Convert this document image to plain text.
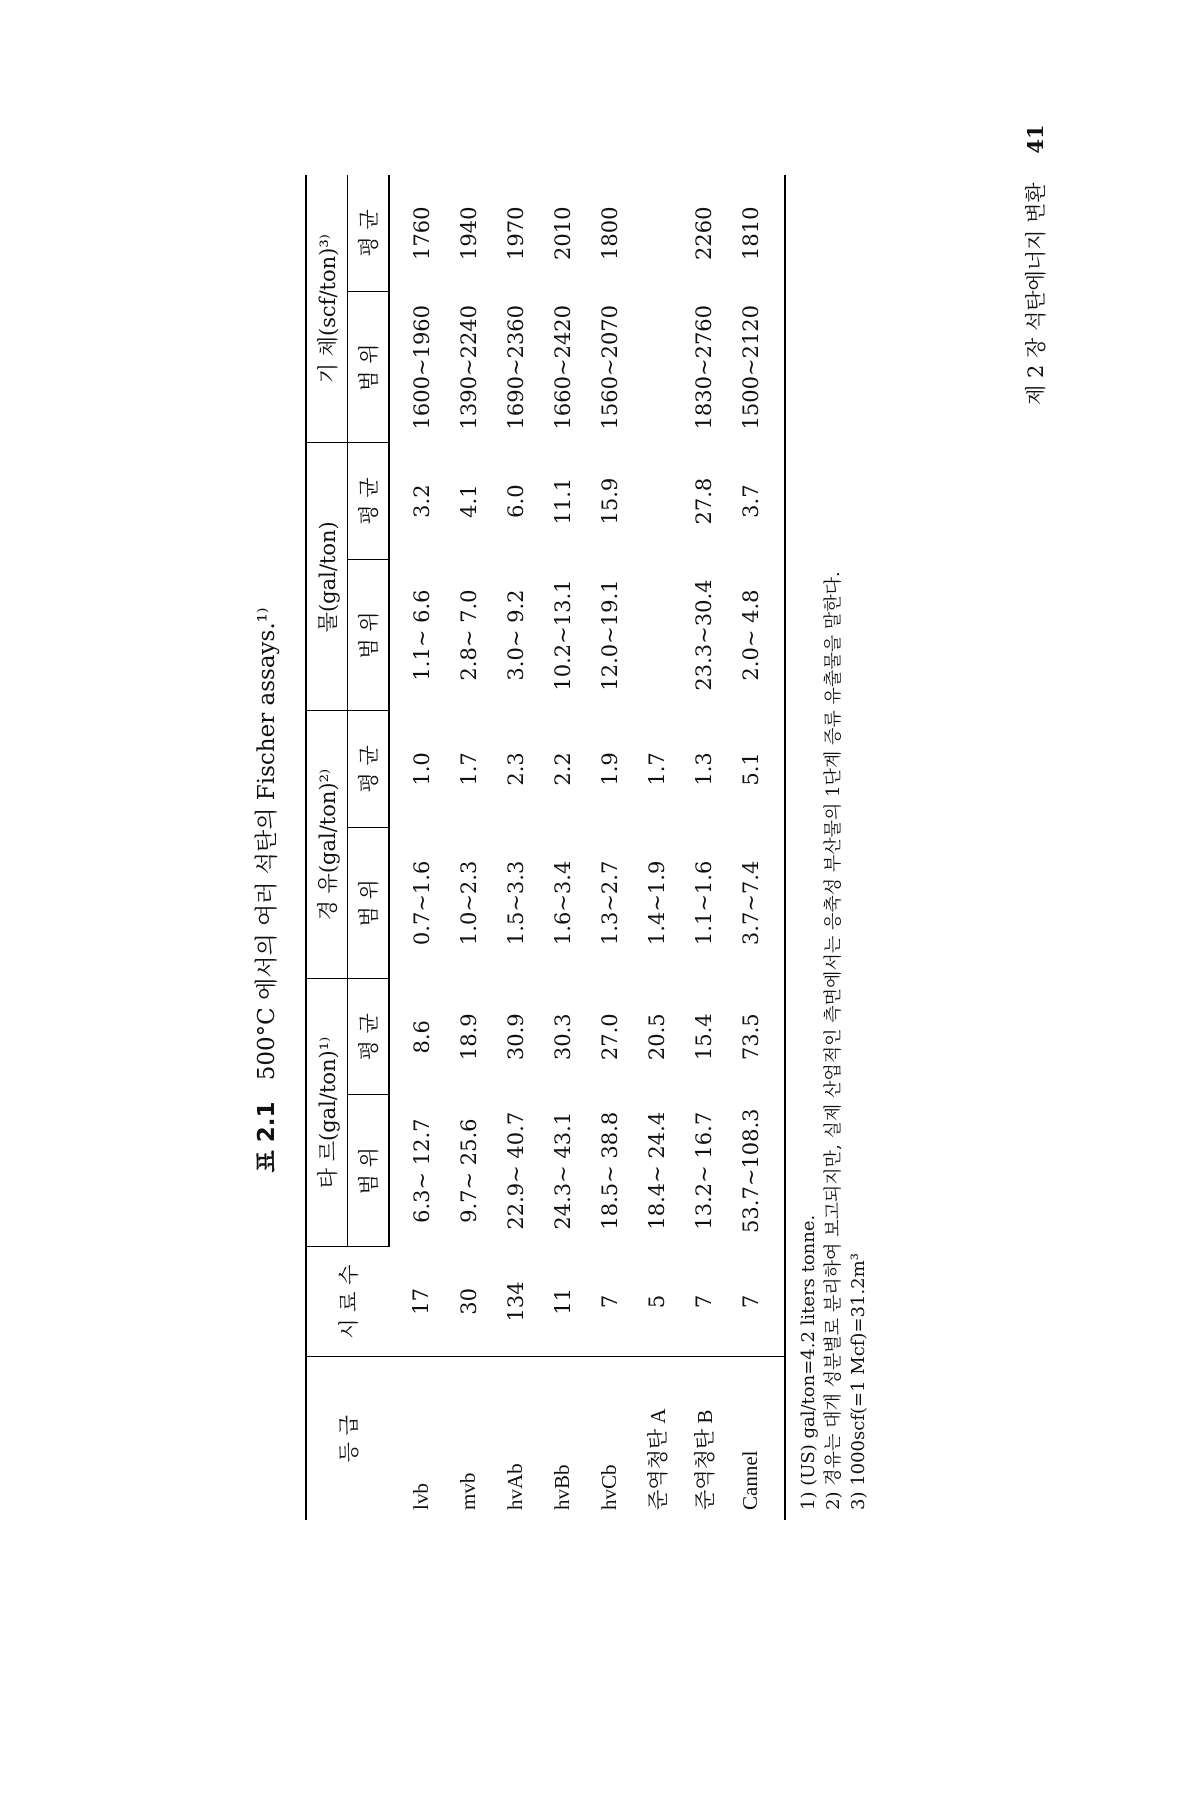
표 2.1 500°C 에서의 여러 석탄의 Fischer assays.¹⁾
등 급	시 료 수	타 르(gal/ton)¹⁾		경 유(gal/ton)²⁾		물(gal/ton)		기 체(scf/ton)³⁾	
		범 위	평 균	범 위	평 균	범 위	평 균	범 위	평 균
lvb	17	6.3~ 12.7	8.6	0.7~1.6	1.0	1.1~ 6.6	3.2	1600~1960	1760
mvb	30	9.7~ 25.6	18.9	1.0~2.3	1.7	2.8~ 7.0	4.1	1390~2240	1940
hvAb	134	22.9~ 40.7	30.9	1.5~3.3	2.3	3.0~ 9.2	6.0	1690~2360	1970
hvBb	11	24.3~ 43.1	30.3	1.6~3.4	2.2	10.2~13.1	11.1	1660~2420	2010
hvCb	7	18.5~ 38.8	27.0	1.3~2.7	1.9	12.0~19.1	15.9	1560~2070	1800
준역청탄 A	5	18.4~ 24.4	20.5	1.4~1.9	1.7				
준역청탄 B	7	13.2~ 16.7	15.4	1.1~1.6	1.3	23.3~30.4	27.8	1830~2760	2260
Cannel	7	53.7~108.3	73.5	3.7~7.4	5.1	2.0~ 4.8	3.7	1500~2120	1810
1) (US) gal/ton=4.2 liters tonne. 2) 경유는 대개 성분별로 분리하여 보고되지만, 실제 산업적인 측면에서는 응축성 부산물의 1단계 증류 유출물을 말한다. 3) 1000scf(=1 Mcf)=31.2m³
제 2 장 석탄에너지 변환 41
